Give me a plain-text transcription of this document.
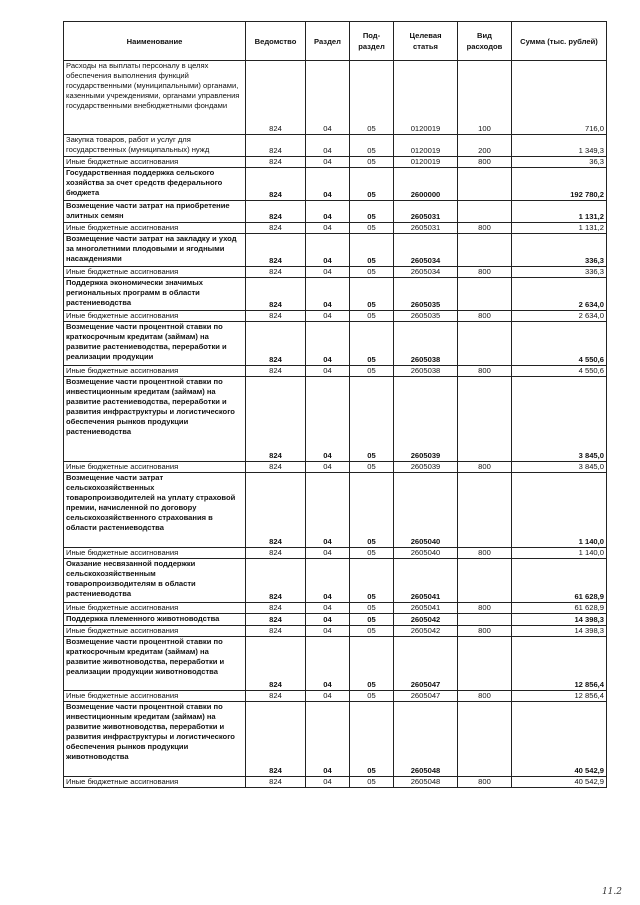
Наименование	Ведомство	Раздел	Под-раздел	Целевая статья	Вид расходов	Сумма (тыс. рублей)
Расходы на выплаты персоналу в целях обеспечения выполнения функций государственными (муниципальными) органами, казенными учреждениями, органами управления государственными внебюджетными фондами	824	04	05	0120019	100	716,0
Закупка товаров, работ и услуг для государственных (муниципальных) нужд	824	04	05	0120019	200	1 349,3
Иные бюджетные ассигнования	824	04	05	0120019	800	36,3
Государственная поддержка сельского хозяйства за счет средств федерального бюджета	824	04	05	2600000		192 780,2
Возмещение части затрат на приобретение элитных семян	824	04	05	2605031		1 131,2
Иные бюджетные ассигнования	824	04	05	2605031	800	1 131,2
Возмещение части затрат на закладку и уход за многолетними плодовыми и ягодными насаждениями	824	04	05	2605034		336,3
Иные бюджетные ассигнования	824	04	05	2605034	800	336,3
Поддержка экономически значимых региональных программ в области растениеводства	824	04	05	2605035		2 634,0
Иные бюджетные ассигнования	824	04	05	2605035	800	2 634,0
Возмещение части процентной ставки по краткосрочным кредитам (займам) на развитие растениеводства, переработки и реализации продукции	824	04	05	2605038		4 550,6
Иные бюджетные ассигнования	824	04	05	2605038	800	4 550,6
Возмещение части процентной ставки по инвестиционным кредитам (займам) на развитие растениеводства, переработки и развития инфраструктуры и логистического обеспечения рынков продукции растениеводства	824	04	05	2605039		3 845,0
Иные бюджетные ассигнования	824	04	05	2605039	800	3 845,0
Возмещение части затрат сельскохозяйственных товаропроизводителей на уплату страховой премии, начисленной по договору сельскохозяйственного страхования в области растениеводства	824	04	05	2605040		1 140,0
Иные бюджетные ассигнования	824	04	05	2605040	800	1 140,0
Оказание несвязанной поддержки сельскохозяйственным товаропроизводителям в области растениеводства	824	04	05	2605041		61 628,9
Иные бюджетные ассигнования	824	04	05	2605041	800	61 628,9
Поддержка племенного животноводства	824	04	05	2605042		14 398,3
Иные бюджетные ассигнования	824	04	05	2605042	800	14 398,3
Возмещение части процентной ставки по краткосрочным кредитам (займам) на развитие животноводства, переработки и реализации продукции животноводства	824	04	05	2605047		12 856,4
Иные бюджетные ассигнования	824	04	05	2605047	800	12 856,4
Возмещение части процентной ставки по инвестиционным кредитам (займам) на развитие животноводства, переработки и развития инфраструктуры и логистического обеспечения рынков продукции животноводства	824	04	05	2605048		40 542,9
Иные бюджетные ассигнования	824	04	05	2605048	800	40 542,9
11.2
